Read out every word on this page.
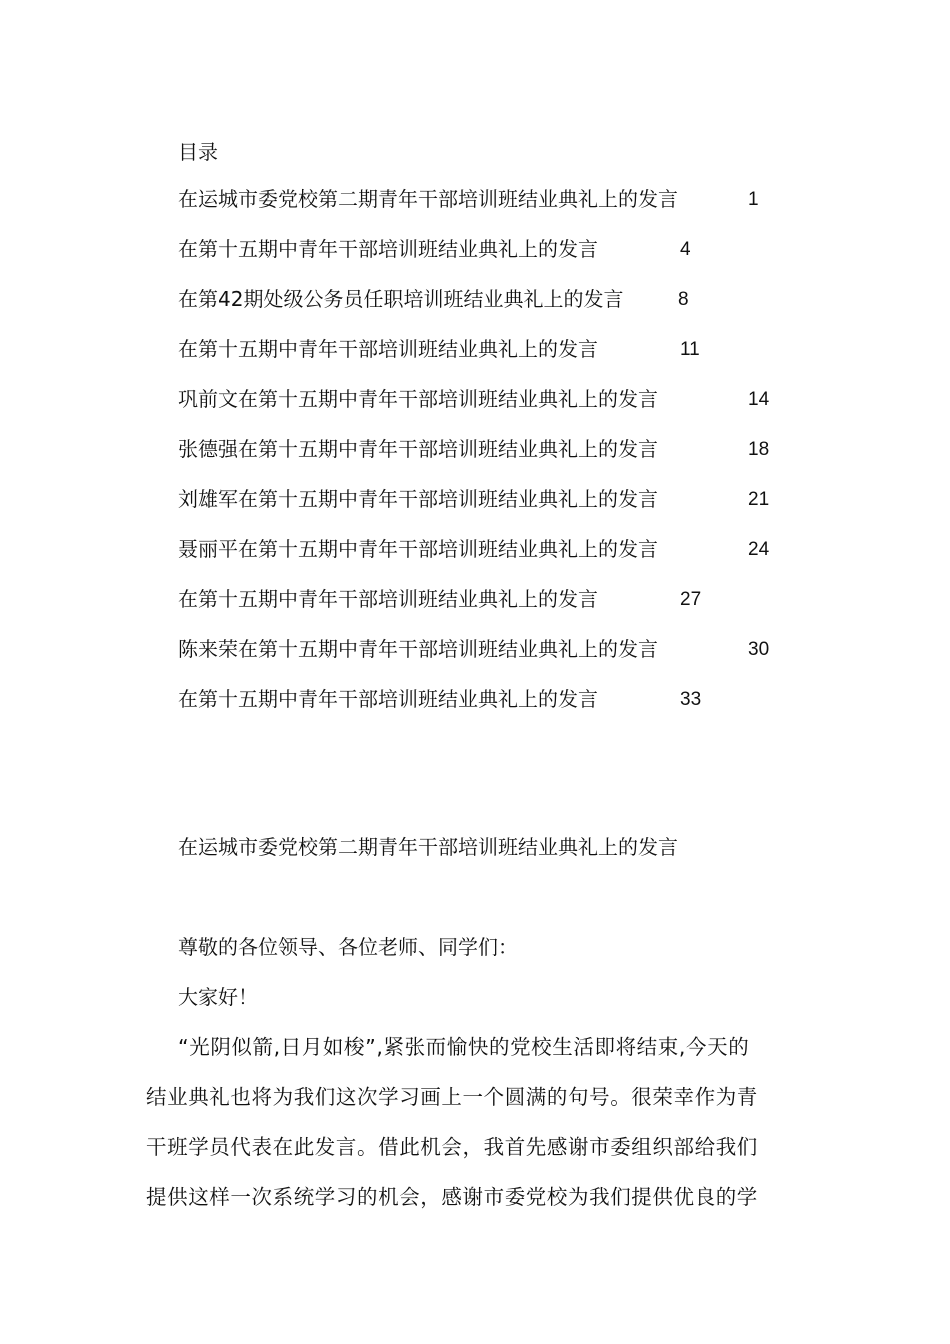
目录
在运城市委党校第二期青年干部培训班结业典礼上的发言	1
在第十五期中青年干部培训班结业典礼上的发言	4
在第42期处级公务员任职培训班结业典礼上的发言	8
在第十五期中青年干部培训班结业典礼上的发言	11
巩前文在第十五期中青年干部培训班结业典礼上的发言	14
张德强在第十五期中青年干部培训班结业典礼上的发言	18
刘雄军在第十五期中青年干部培训班结业典礼上的发言	21
聂丽平在第十五期中青年干部培训班结业典礼上的发言	24
在第十五期中青年干部培训班结业典礼上的发言	27
陈来荣在第十五期中青年干部培训班结业典礼上的发言	30
在第十五期中青年干部培训班结业典礼上的发言	33
在运城市委党校第二期青年干部培训班结业典礼上的发言
尊敬的各位领导、各位老师、同学们：
大家好！
“光阴似箭,日月如梭”,紧张而愉快的党校生活即将结束,今天的
结业典礼也将为我们这次学习画上一个圆满的句号。很荣幸作为青
干班学员代表在此发言。借此机会，我首先感谢市委组织部给我们
提供这样一次系统学习的机会，感谢市委党校为我们提供优良的学
